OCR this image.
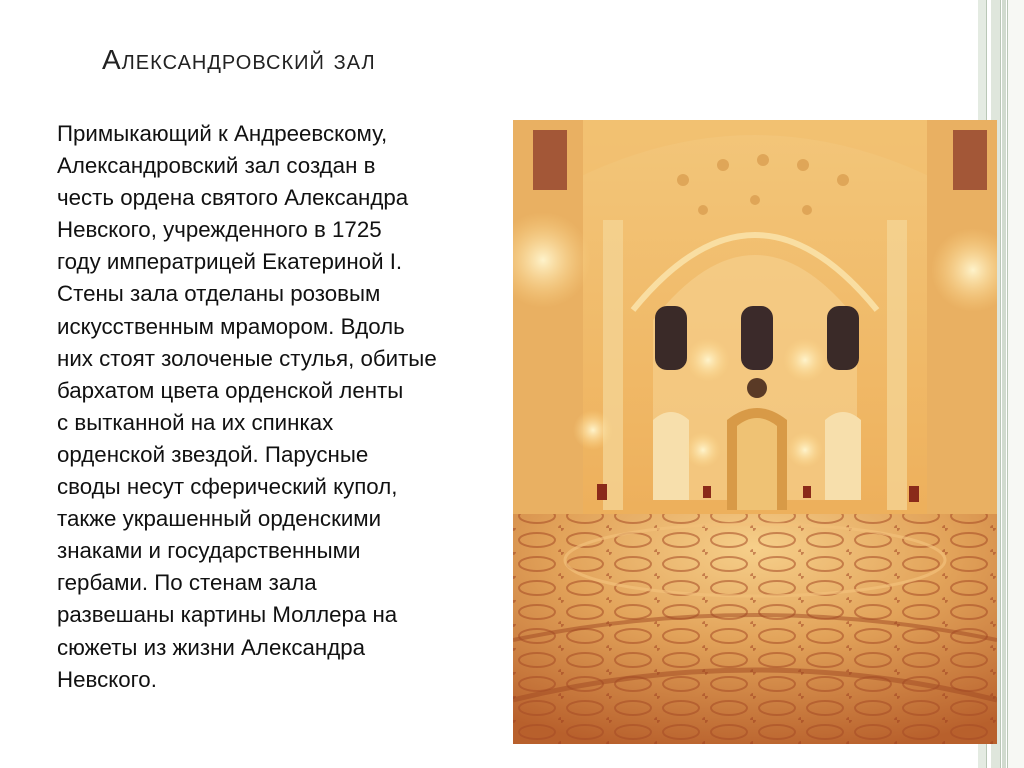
Александровский зал
Примыкающий к Андреевскому,
Александровский зал создан в
честь ордена святого Александра
Невского, учрежденного в 1725
году императрицей Екатериной I.
Стены зала отделаны розовым
искусственным мрамором. Вдоль
них стоят золоченые стулья, обитые
бархатом цвета орденской ленты
с вытканной на их спинках
орденской звездой. Парусные
своды несут сферический купол,
также украшенный орденскими
знаками и государственными
гербами. По стенам зала
развешаны картины Моллера на
сюжеты из жизни Александра
Невского.
